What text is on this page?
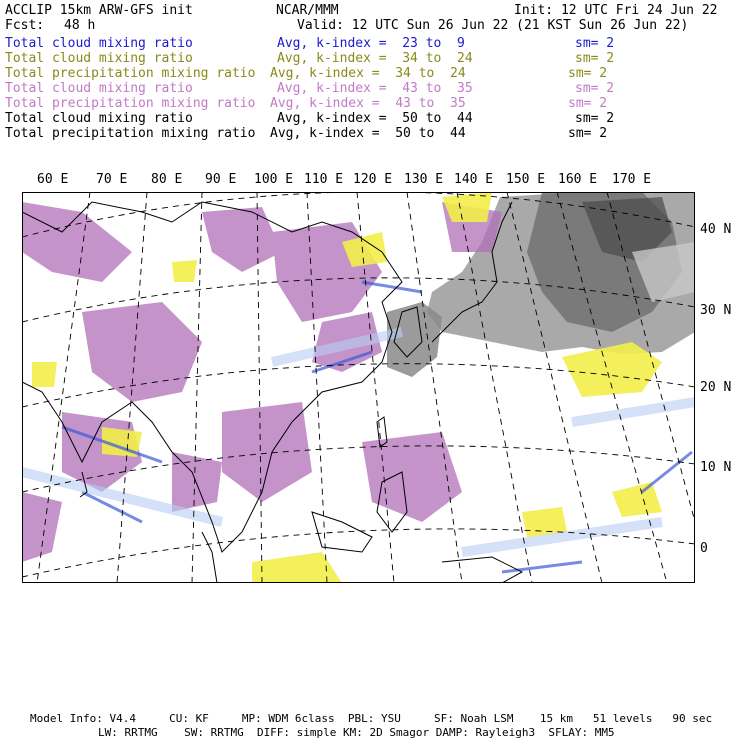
ACCLIP 15km ARW-GFS init	NCAR/MMM	Init: 12 UTC Fri 24 Jun 22
Fcst: 48 h	Valid: 12 UTC Sun 26 Jun 22 (21 KST Sun 26 Jun 22)
Total cloud mixing ratio	Avg, k-index =  23 to  9	sm= 2
Total cloud mixing ratio	Avg, k-index =  34 to  24	sm= 2
Total precipitation mixing ratio Avg, k-index =  34 to  24	sm= 2
Total cloud mixing ratio	Avg, k-index =  43 to  35	sm= 2
Total precipitation mixing ratio Avg, k-index =  43 to  35	sm= 2
Total cloud mixing ratio	Avg, k-index =  50 to  44	sm= 2
Total precipitation mixing ratio Avg, k-index =  50 to  44	sm= 2
60 E 70 E 80 E 90 E 100 E 110 E 120 E 130 E 140 E 150 E 160 E 170 E
40 N
30 N
20 N
10 N
0
Model Info: V4.4     CU: KF     MP: WDM 6class  PBL: YSU     SF: Noah LSM    15 km   51 levels   90 sec
LW: RRTMG    SW: RRTMG  DIFF: simple KM: 2D Smagor DAMP: Rayleigh3  SFLAY: MM5
